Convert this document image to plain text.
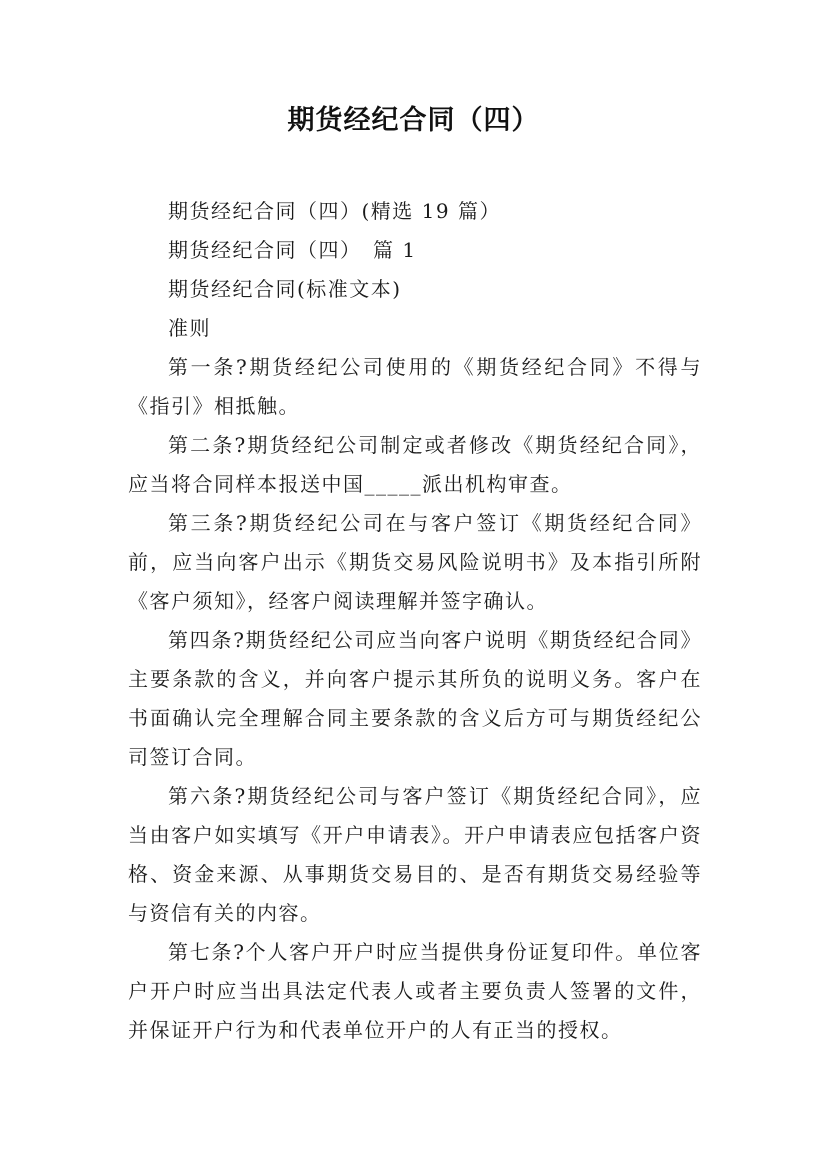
期货经纪合同（四）

期货经纪合同（四）(精选 19 篇）

期货经纪合同（四）　篇 1

期货经纪合同(标准文本)

准则

第一条?期货经纪公司使用的《期货经纪合同》不得与《指引》相抵触。

第二条?期货经纪公司制定或者修改《期货经纪合同》，应当将合同样本报送中国_____派出机构审查。

第三条?期货经纪公司在与客户签订《期货经纪合同》前，应当向客户出示《期货交易风险说明书》及本指引所附《客户须知》，经客户阅读理解并签字确认。

第四条?期货经纪公司应当向客户说明《期货经纪合同》主要条款的含义，并向客户提示其所负的说明义务。客户在书面确认完全理解合同主要条款的含义后方可与期货经纪公司签订合同。

第六条?期货经纪公司与客户签订《期货经纪合同》，应当由客户如实填写《开户申请表》。开户申请表应包括客户资格、资金来源、从事期货交易目的、是否有期货交易经验等与资信有关的内容。

第七条?个人客户开户时应当提供身份证复印件。单位客户开户时应当出具法定代表人或者主要负责人签署的文件，并保证开户行为和代表单位开户的人有正当的授权。
